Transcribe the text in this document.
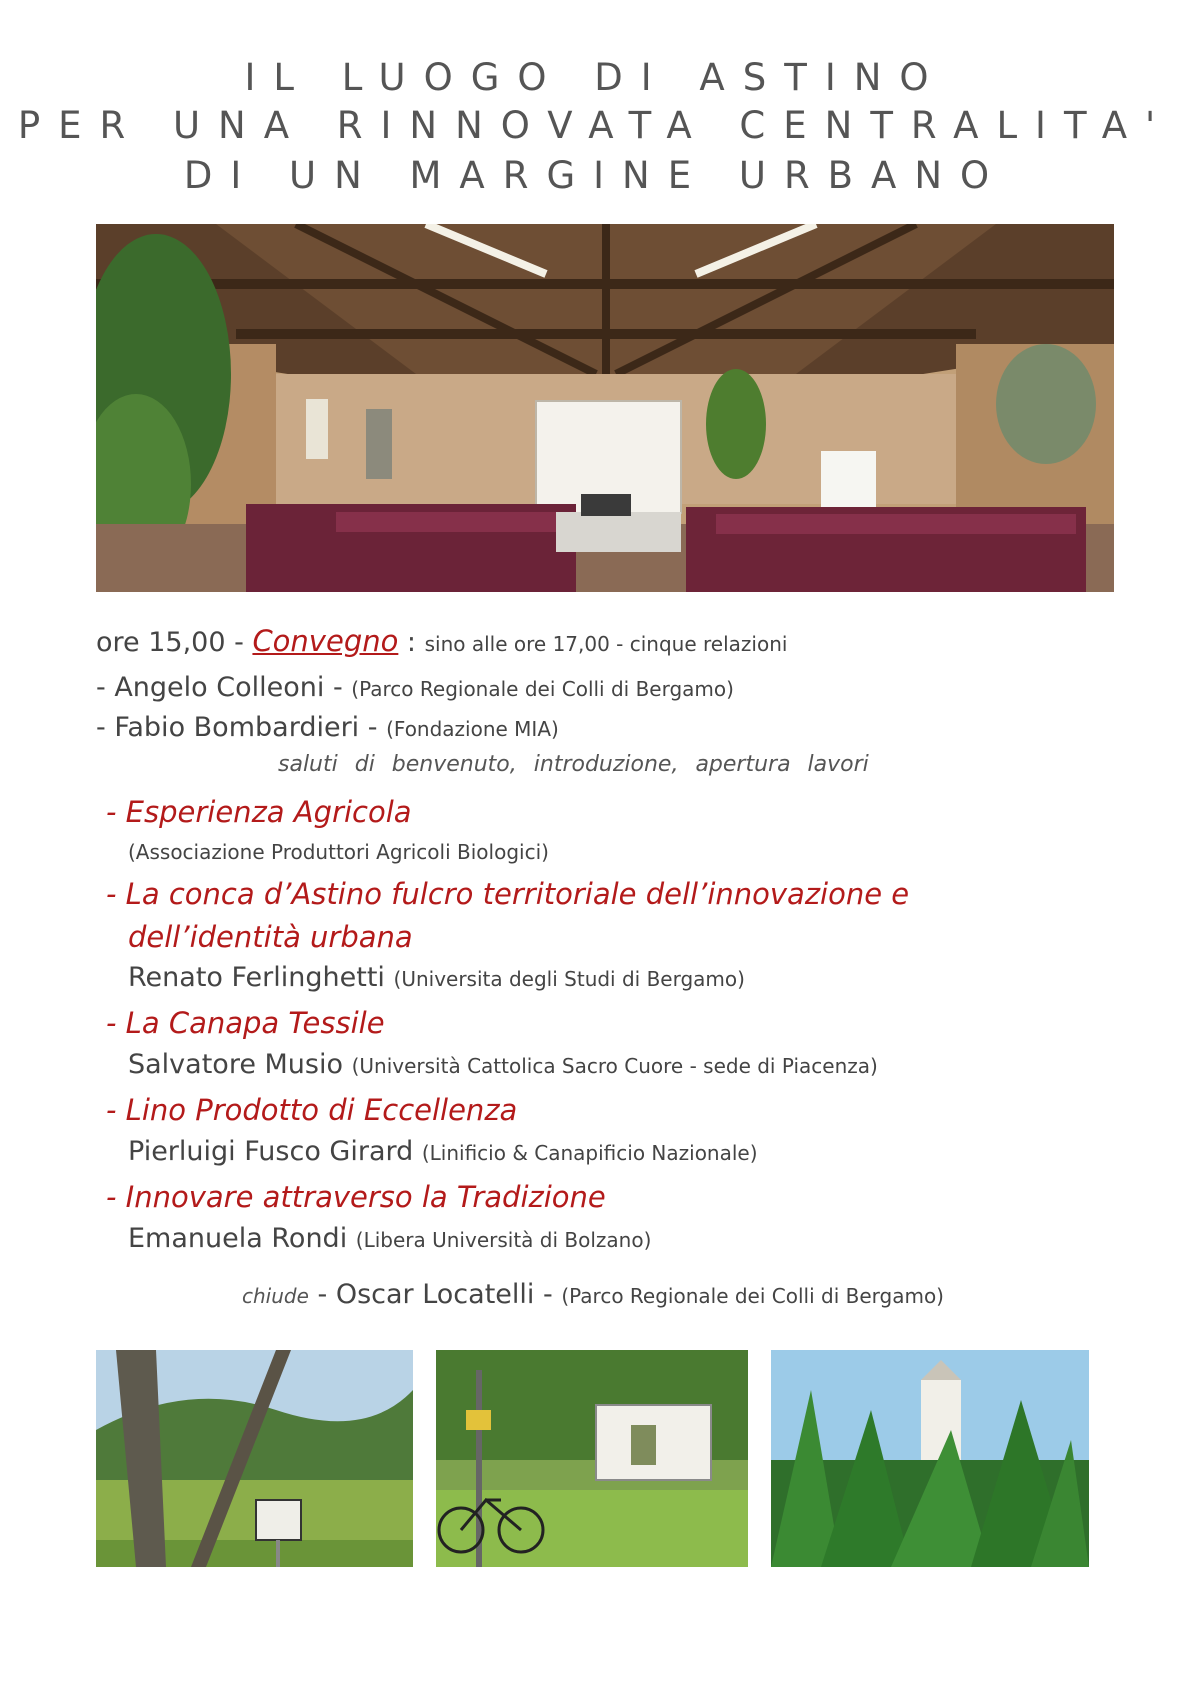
IL LUOGO DI ASTINO
PER UNA RINNOVATA CENTRALITA'
DI UN MARGINE URBANO
ore 15,00 - Convegno : sino alle ore 17,00 - cinque relazioni
- Angelo Colleoni - (Parco Regionale dei Colli di Bergamo)
- Fabio Bombardieri - (Fondazione MIA)
saluti di benvenuto, introduzione, apertura lavori
- Esperienza Agricola
(Associazione Produttori Agricoli Biologici)
- La conca d’Astino fulcro territoriale dell’innovazione e
dell’identità urbana
Renato Ferlinghetti (Universita degli Studi di Bergamo)
- La Canapa Tessile
Salvatore Musio (Università Cattolica Sacro Cuore - sede di Piacenza)
- Lino Prodotto di Eccellenza
Pierluigi Fusco Girard (Linificio & Canapificio Nazionale)
- Innovare attraverso la Tradizione
Emanuela Rondi (Libera Università di Bolzano)
chiude - Oscar Locatelli - (Parco Regionale dei Colli di Bergamo)
